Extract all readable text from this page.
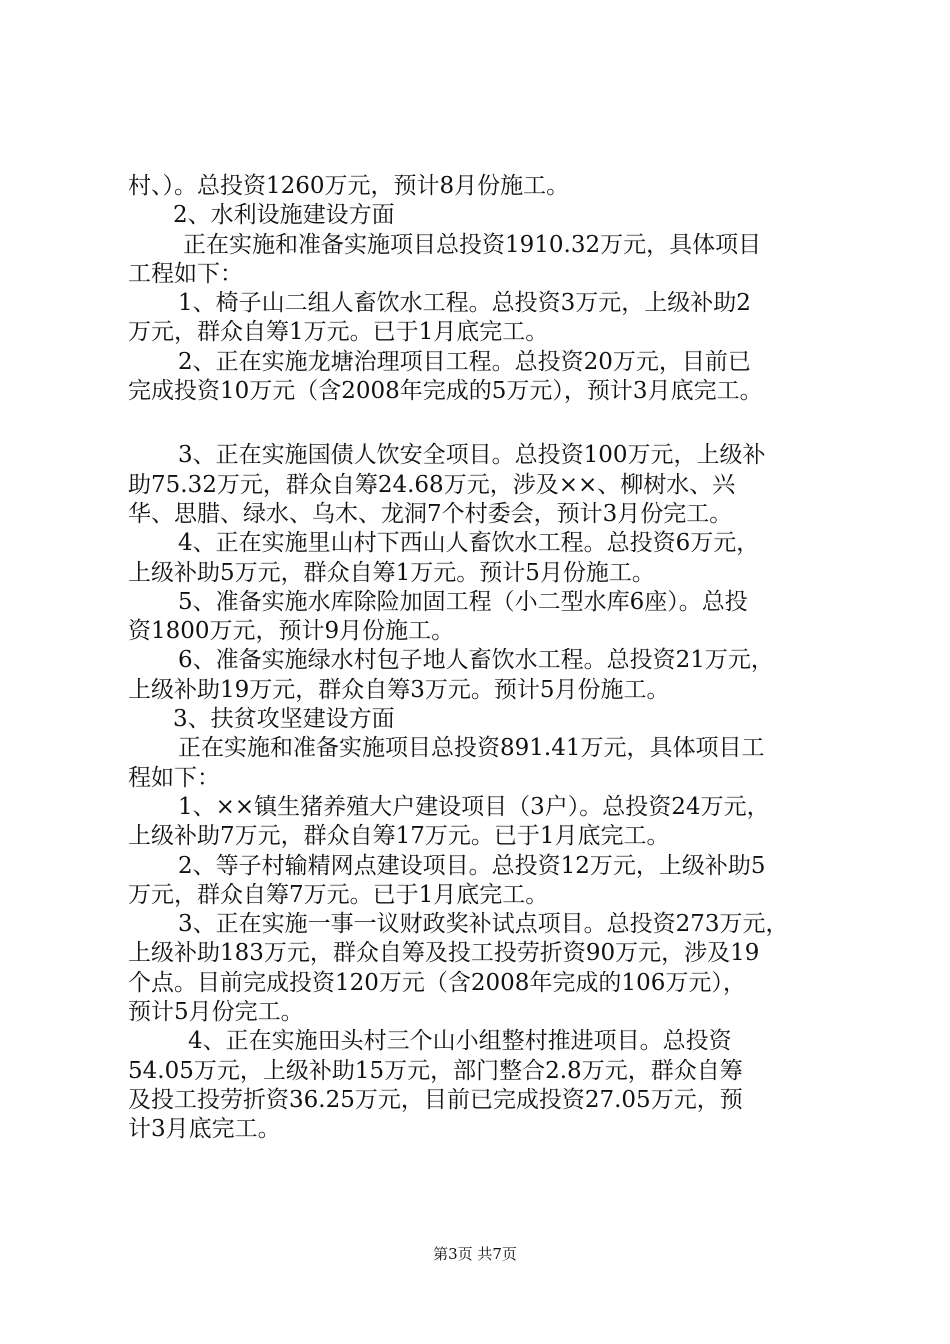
村、）。总投资1260万元，预计8月份施工。
2、水利设施建设方面
正在实施和准备实施项目总投资1910.32万元，具体项目
工程如下：
1、椅子山二组人畜饮水工程。总投资3万元，上级补助2
万元，群众自筹1万元。已于1月底完工。
2、正在实施龙塘治理项目工程。总投资20万元，目前已
完成投资10万元（含2008年完成的5万元），预计3月底完工。
3、正在实施国债人饮安全项目。总投资100万元，上级补
助75.32万元，群众自筹24.68万元，涉及××、柳树水、兴
华、思腊、绿水、乌木、龙洞7个村委会，预计3月份完工。
4、正在实施里山村下西山人畜饮水工程。总投资6万元，
上级补助5万元，群众自筹1万元。预计5月份施工。
5、准备实施水库除险加固工程（小二型水库6座）。总投
资1800万元，预计9月份施工。
6、准备实施绿水村包子地人畜饮水工程。总投资21万元，
上级补助19万元，群众自筹3万元。预计5月份施工。
3、扶贫攻坚建设方面
正在实施和准备实施项目总投资891.41万元，具体项目工
程如下：
1、××镇生猪养殖大户建设项目（3户）。总投资24万元，
上级补助7万元，群众自筹17万元。已于1月底完工。
2、等子村输精网点建设项目。总投资12万元，上级补助5
万元，群众自筹7万元。已于1月底完工。
3、正在实施一事一议财政奖补试点项目。总投资273万元，
上级补助183万元，群众自筹及投工投劳折资90万元，涉及19
个点。目前完成投资120万元（含2008年完成的106万元），
预计5月份完工。
4、正在实施田头村三个山小组整村推进项目。总投资
54.05万元，上级补助15万元，部门整合2.8万元，群众自筹
及投工投劳折资36.25万元，目前已完成投资27.05万元，预
计3月底完工。
第3页 共7页
